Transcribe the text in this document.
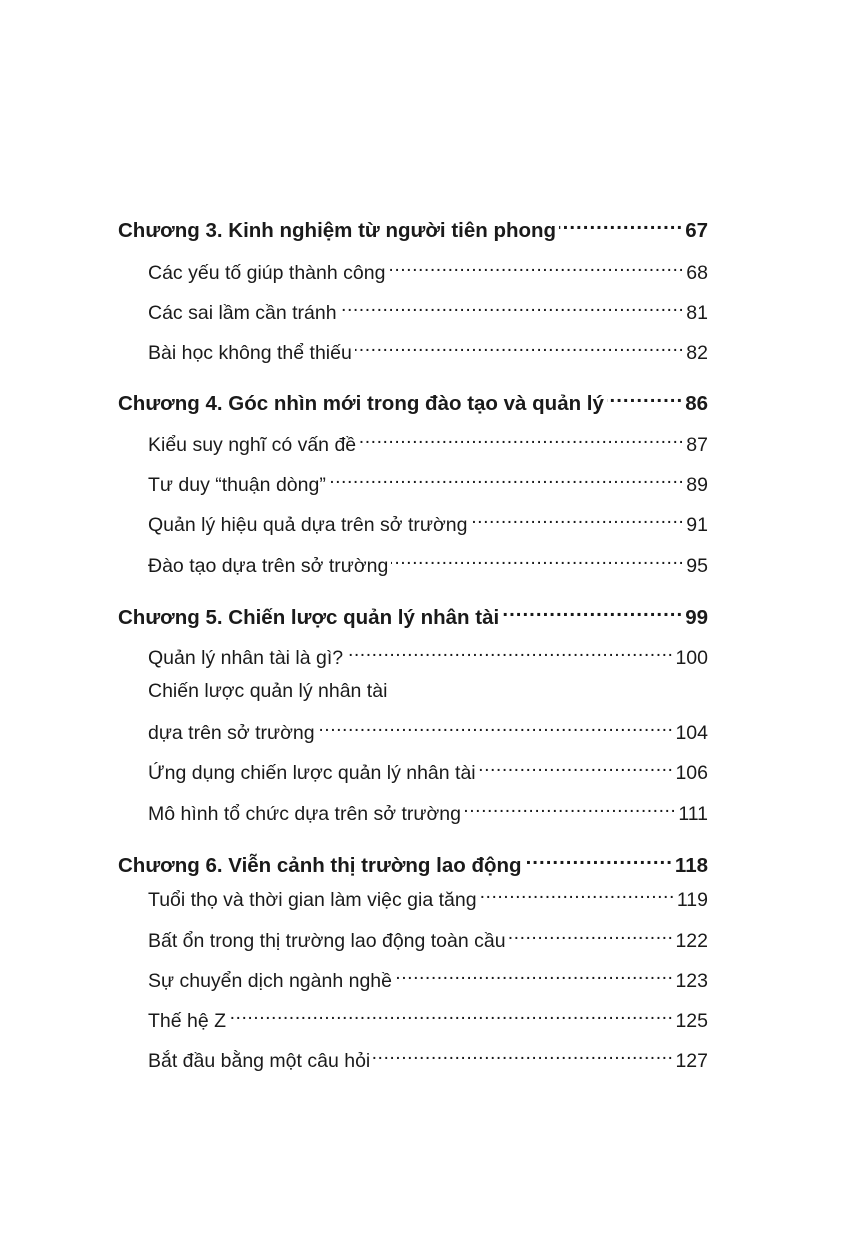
Chương 3. Kinh nghiệm từ người tiên phong .....	67
Các yếu tố giúp thành công .....	68
Các sai lầm cần tránh .....	81
Bài học không thể thiếu .....	82
Chương 4. Góc nhìn mới trong đào tạo và quản lý .....	86
Kiểu suy nghĩ có vấn đề .....	87
Tư duy “thuận dòng” .....	89
Quản lý hiệu quả dựa trên sở trường .....	91
Đào tạo dựa trên sở trường .....	95
Chương 5. Chiến lược quản lý nhân tài .....	99
Quản lý nhân tài là gì? .....	100
Chiến lược quản lý nhân tài
dựa trên sở trường .....	104
Ứng dụng chiến lược quản lý nhân tài .....	106
Mô hình tổ chức dựa trên sở trường .....	111
Chương 6. Viễn cảnh thị trường lao động .....	118
Tuổi thọ và thời gian làm việc gia tăng .....	119
Bất ổn trong thị trường lao động toàn cầu .....	122
Sự chuyển dịch ngành nghề .....	123
Thế hệ Z .....	125
Bắt đầu bằng một câu hỏi .....	127
